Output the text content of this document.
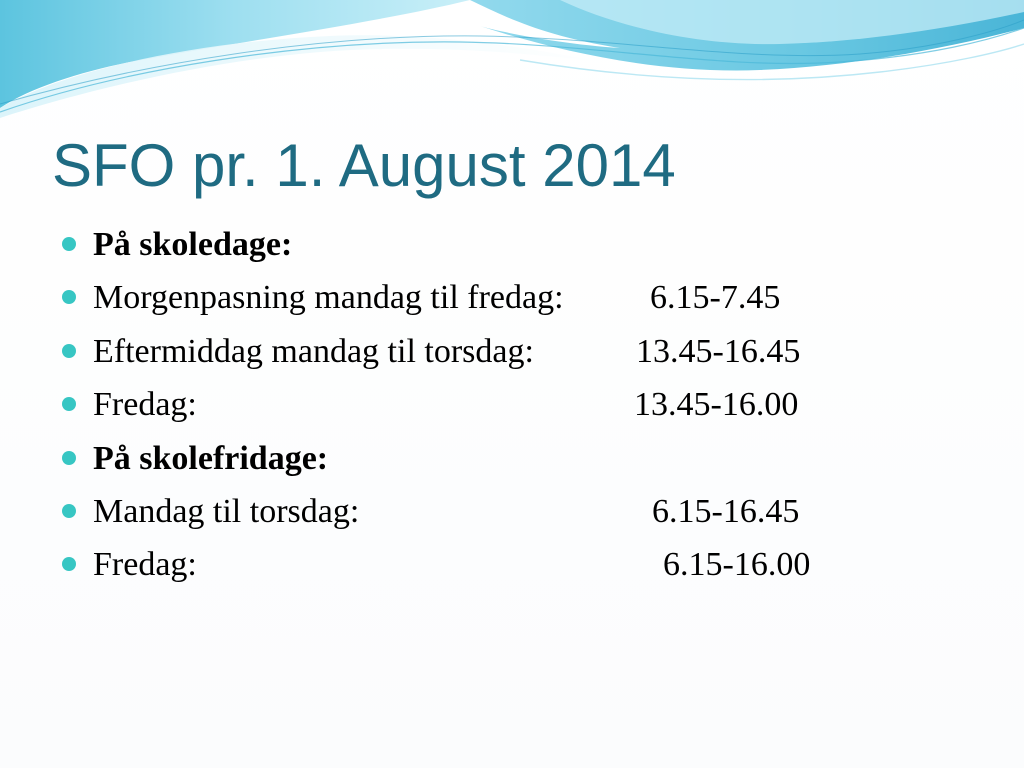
SFO pr. 1. August 2014
På skoledage:
Morgenpasning mandag til fredag:	6.15-7.45
Eftermiddag mandag til torsdag:	13.45-16.45
Fredag:	13.45-16.00
På skolefridage:
Mandag til torsdag:	6.15-16.45
Fredag:	6.15-16.00
